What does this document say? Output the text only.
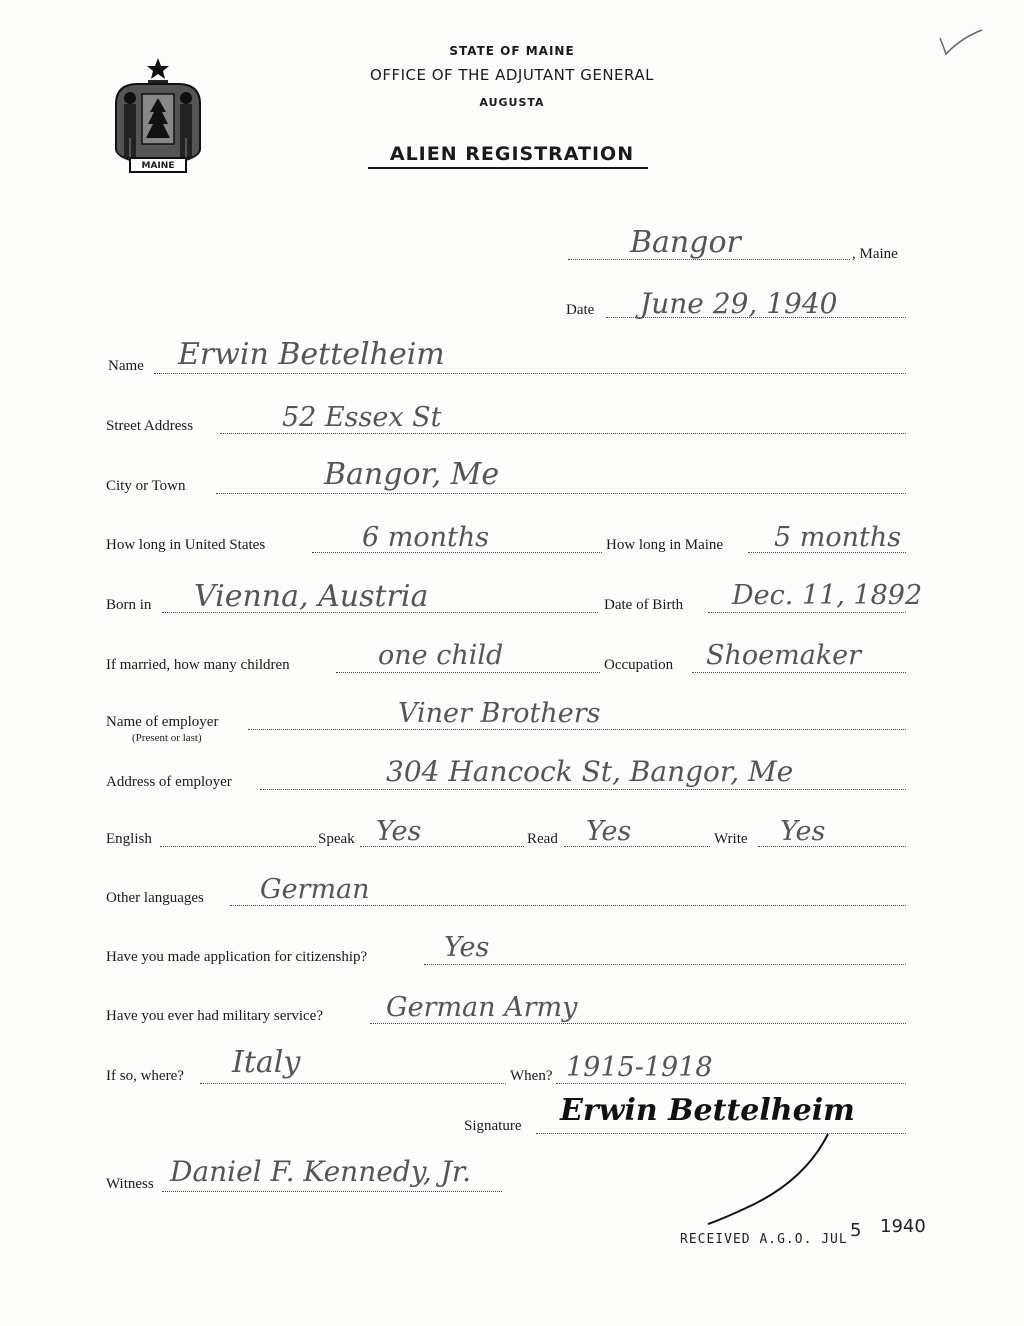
MAINE
STATE OF MAINE
OFFICE OF THE ADJUTANT GENERAL
AUGUSTA
ALIEN REGISTRATION
Bangor	, Maine
Date June 29, 1940
Name Erwin Bettelheim
Street Address	52 Essex St
City or Town	Bangor, Me
How long in United States	6 months	How long in Maine 5 months
Born in Vienna, Austria	Date of Birth Dec. 11, 1892
If married, how many children	one child	Occupation Shoemaker
Name of employer
(Present or last)
Viner Brothers
Address of employer	304 Hancock St, Bangor, Me
English	Speak Yes	Read Yes	Write Yes
Other languages German
Have you made application for citizenship?	Yes
Have you ever had military service? German Army
If so, where? Italy	When? 1915-1918
Signature Erwin Bettelheim
Witness Daniel F. Kennedy, Jr.
RECEIVED A.G.O. JUL 5 1940
